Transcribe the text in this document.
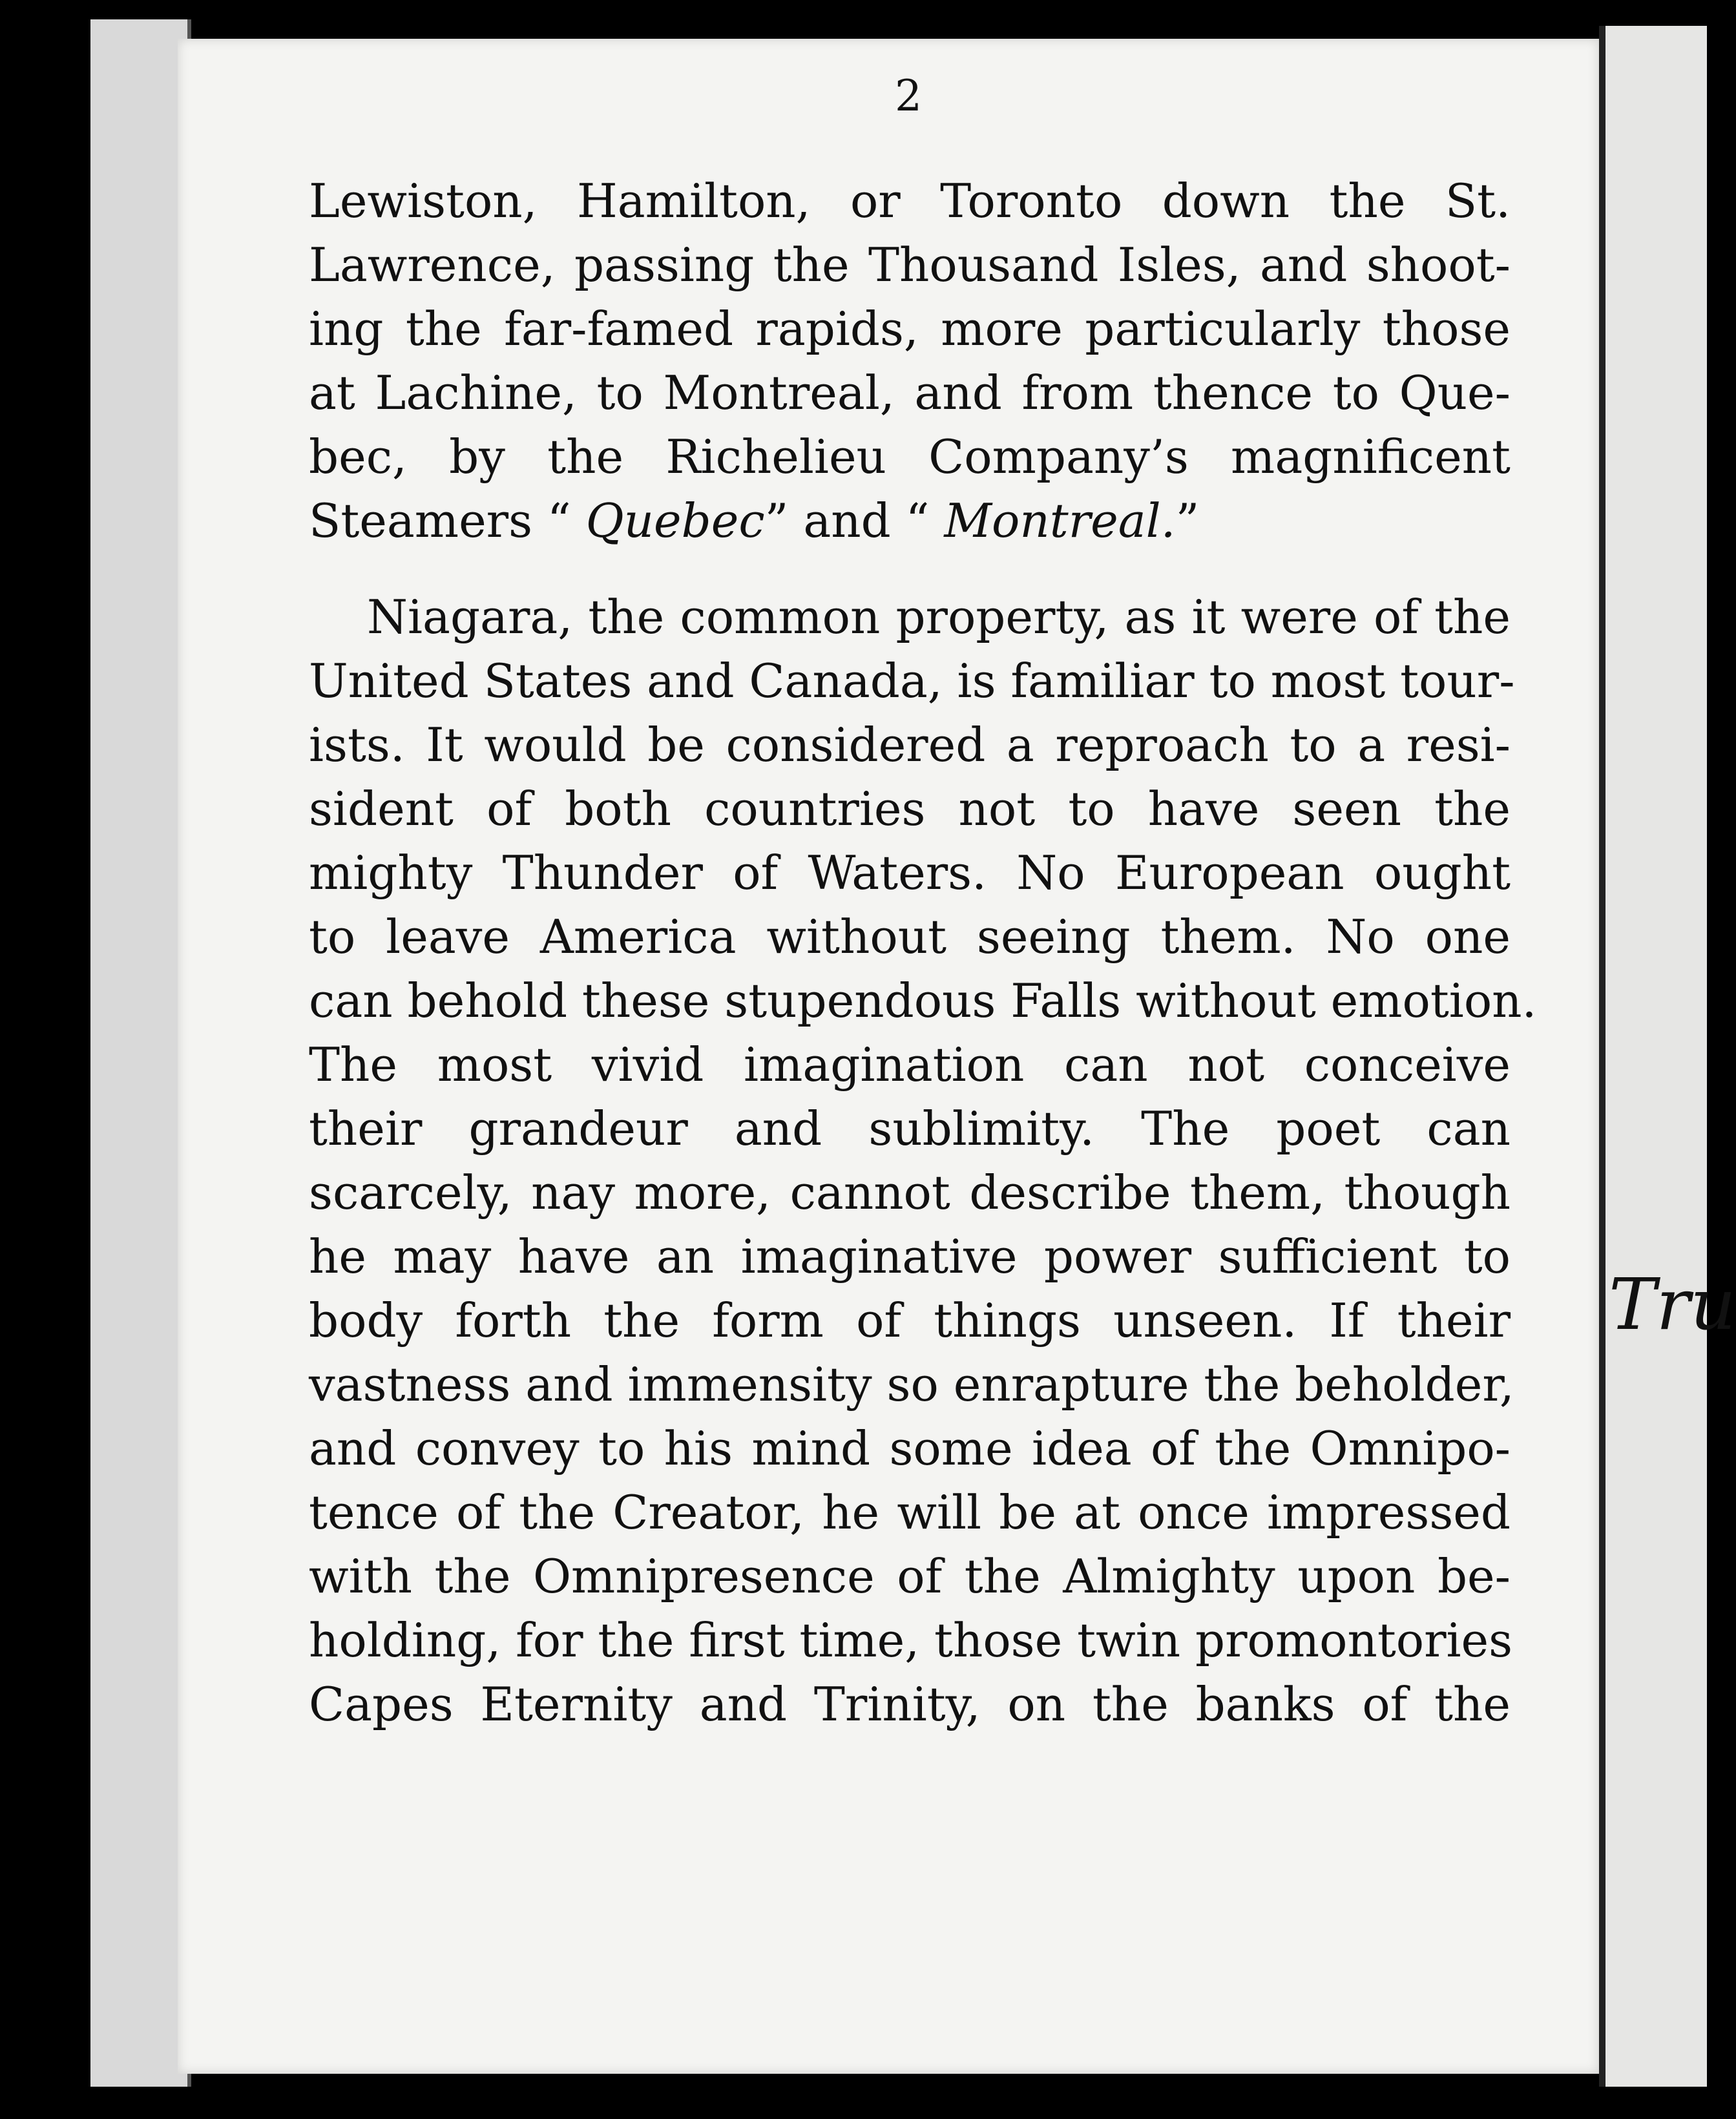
Tru
2
Lewiston, Hamilton, or Toronto down the St.
Lawrence, passing the Thousand Isles, and shoot-
ing the far-famed rapids, more particularly those
at Lachine, to Montreal, and from thence to Que-
bec, by the Richelieu Company’s magnificent
Steamers “ Quebec” and “ Montreal.”
Niagara, the common property, as it were of the
United States and Canada, is familiar to most tour-
ists. It would be considered a reproach to a resi-
sident of both countries not to have seen the
mighty Thunder of Waters. No European ought
to leave America without seeing them. No one
can behold these stupendous Falls without emotion.
The most vivid imagination can not conceive
their grandeur and sublimity. The poet can
scarcely, nay more, cannot describe them, though
he may have an imaginative power sufficient to
body forth the form of things unseen. If their
vastness and immensity so enrapture the beholder,
and convey to his mind some idea of the Omnipo-
tence of the Creator, he will be at once impressed
with the Omnipresence of the Almighty upon be-
holding, for the first time, those twin promontories
Capes Eternity and Trinity, on the banks of the
